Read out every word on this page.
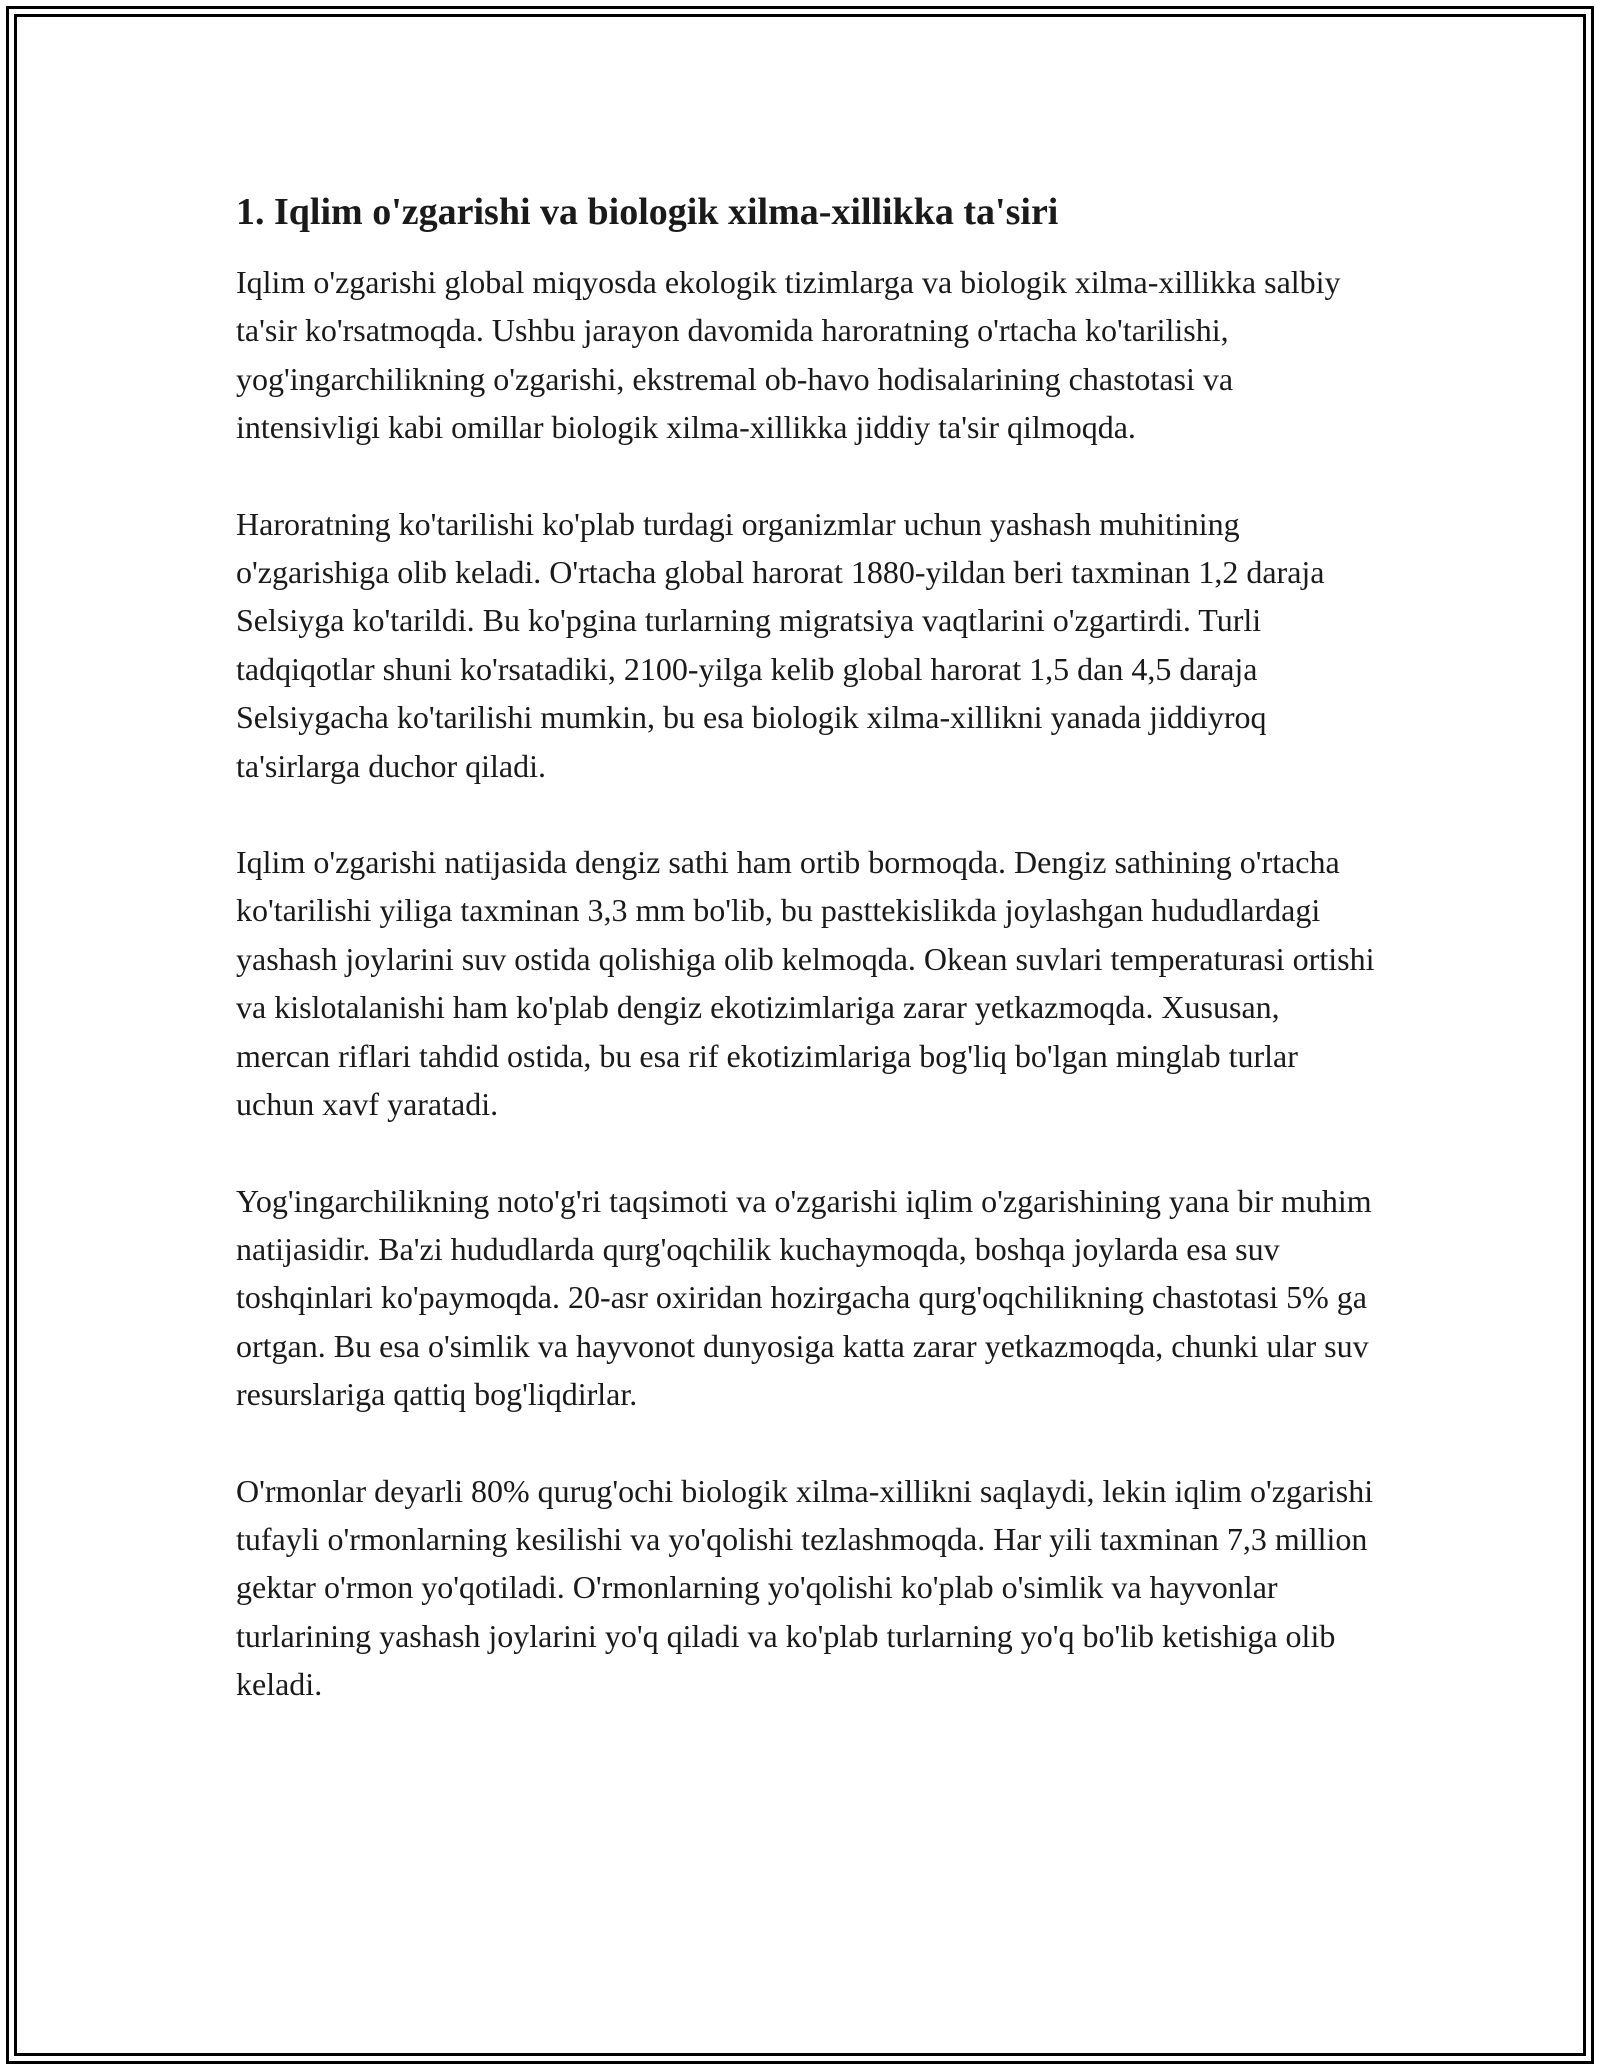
1. Iqlim o'zgarishi va biologik xilma-xillikka ta'siri

Iqlim o'zgarishi global miqyosda ekologik tizimlarga va biologik xilma-xillikka salbiy ta'sir ko'rsatmoqda. Ushbu jarayon davomida haroratning o'rtacha ko'tarilishi, yog'ingarchilikning o'zgarishi, ekstremal ob-havo hodisalarining chastotasi va intensivligi kabi omillar biologik xilma-xillikka jiddiy ta'sir qilmoqda.

Haroratning ko'tarilishi ko'plab turdagi organizmlar uchun yashash muhitining o'zgarishiga olib keladi. O'rtacha global harorat 1880-yildan beri taxminan 1,2 daraja Selsiyga ko'tarildi. Bu ko'pgina turlarning migratsiya vaqtlarini o'zgartirdi. Turli tadqiqotlar shuni ko'rsatadiki, 2100-yilga kelib global harorat 1,5 dan 4,5 daraja Selsiygacha ko'tarilishi mumkin, bu esa biologik xilma-xillikni yanada jiddiyroq ta'sirlarga duchor qiladi.

Iqlim o'zgarishi natijasida dengiz sathi ham ortib bormoqda. Dengiz sathining o'rtacha ko'tarilishi yiliga taxminan 3,3 mm bo'lib, bu pasttekislikda joylashgan hududlardagi yashash joylarini suv ostida qolishiga olib kelmoqda. Okean suvlari temperaturasi ortishi va kislotalanishi ham ko'plab dengiz ekotizimlariga zarar yetkazmoqda. Xususan, mercan riflari tahdid ostida, bu esa rif ekotizimlariga bog'liq bo'lgan minglab turlar uchun xavf yaratadi.

Yog'ingarchilikning noto'g'ri taqsimoti va o'zgarishi iqlim o'zgarishining yana bir muhim natijasidir. Ba'zi hududlarda qurg'oqchilik kuchaymoqda, boshqa joylarda esa suv toshqinlari ko'paymoqda. 20-asr oxiridan hozirgacha qurg'oqchilikning chastotasi 5% ga ortgan. Bu esa o'simlik va hayvonot dunyosiga katta zarar yetkazmoqda, chunki ular suv resurslariga qattiq bog'liqdirlar.

O'rmonlar deyarli 80% qurug'ochi biologik xilma-xillikni saqlaydi, lekin iqlim o'zgarishi tufayli o'rmonlarning kesilishi va yo'qolishi tezlashmoqda. Har yili taxminan 7,3 million gektar o'rmon yo'qotiladi. O'rmonlarning yo'qolishi ko'plab o'simlik va hayvonlar turlarining yashash joylarini yo'q qiladi va ko'plab turlarning yo'q bo'lib ketishiga olib keladi.
